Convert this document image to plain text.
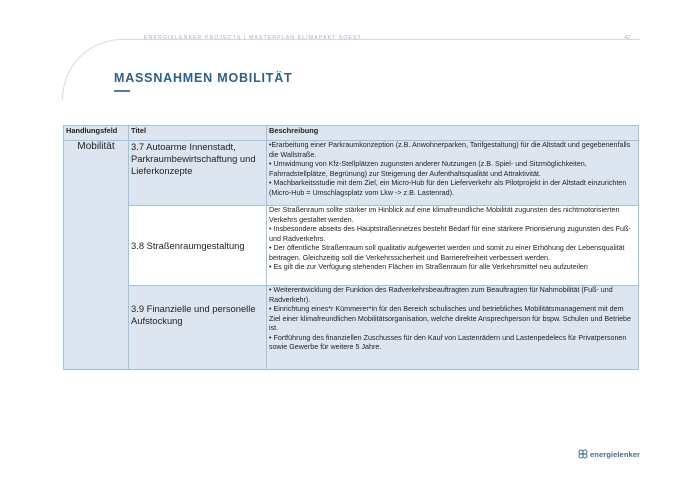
ENERGIELENKER PROJECTS | MASTERPLAN KLIMAPAKT SOEST	42
MASSNAHMEN MOBILITÄT
Handlungsfeld	Titel	Beschreibung
Mobilität	3.7 Autoarme Innenstadt, Parkraumbewirtschaftung und Lieferkonzepte	•Erarbeitung einer Parkraumkonzeption (z.B. Anwohnerparken, Tarifgestaltung) für die Altstadt und gegebenenfalls die Wallstraße.
• Umwidmung von Kfz-Stellplätzen zugunsten anderer Nutzungen (z.B. Spiel- und Sitzmöglichkeiten, Fahrradstellplätze, Begrünung) zur Steigerung der Aufenthaltsqualität und Attraktivität.
• Machbarkeitsstudie mit dem Ziel, ein Micro-Hub für den Lieferverkehr als Pilotprojekt in der Altstadt einzurichten (Micro-Hub = Umschlagsplatz vom Lkw -> z.B. Lastenrad).

	3.8 Straßenraumgestaltung	Der Straßenraum sollte stärker im Hinblick auf eine klimafreundliche Mobilität zugunsten des nichtmotorisierten Verkehrs gestaltet werden.
• Insbesondere abseits des Hauptstraßennetzes besteht Bedarf für eine stärkere Priorisierung zugunsten des Fuß- und Radverkehrs.
• Der öffentliche Straßenraum soll qualitativ aufgewertet werden und somit zu einer Erhöhung der Lebensqualität beitragen. Gleichzeitig soll die Verkehrssicherheit und Barrierefreiheit verbessert werden.
• Es gilt die zur Verfügung stehenden Flächen im Straßenraum für alle Verkehrsmittel neu aufzuteilen

	3.9 Finanzielle und personelle Aufstockung	• Weiterentwicklung der Funktion des Radverkehrsbeauftragten zum Beauftragten für Nahmobilität (Fuß- und Radverkehr).
• Einrichtung eines*r Kümmerer*in für den Bereich schulisches und betriebliches Mobilitätsmanagement mit dem Ziel einer klimafreundlichen Mobilitätsorganisation, welche direkte Ansprechperson für bspw. Schulen und Betriebe ist.
• Fortführung des finanziellen Zuschusses für den Kauf von Lastenrädern und Lastenpedelecs für Privatpersonen sowie Gewerbe für weitere 5 Jahre.
energielenker
